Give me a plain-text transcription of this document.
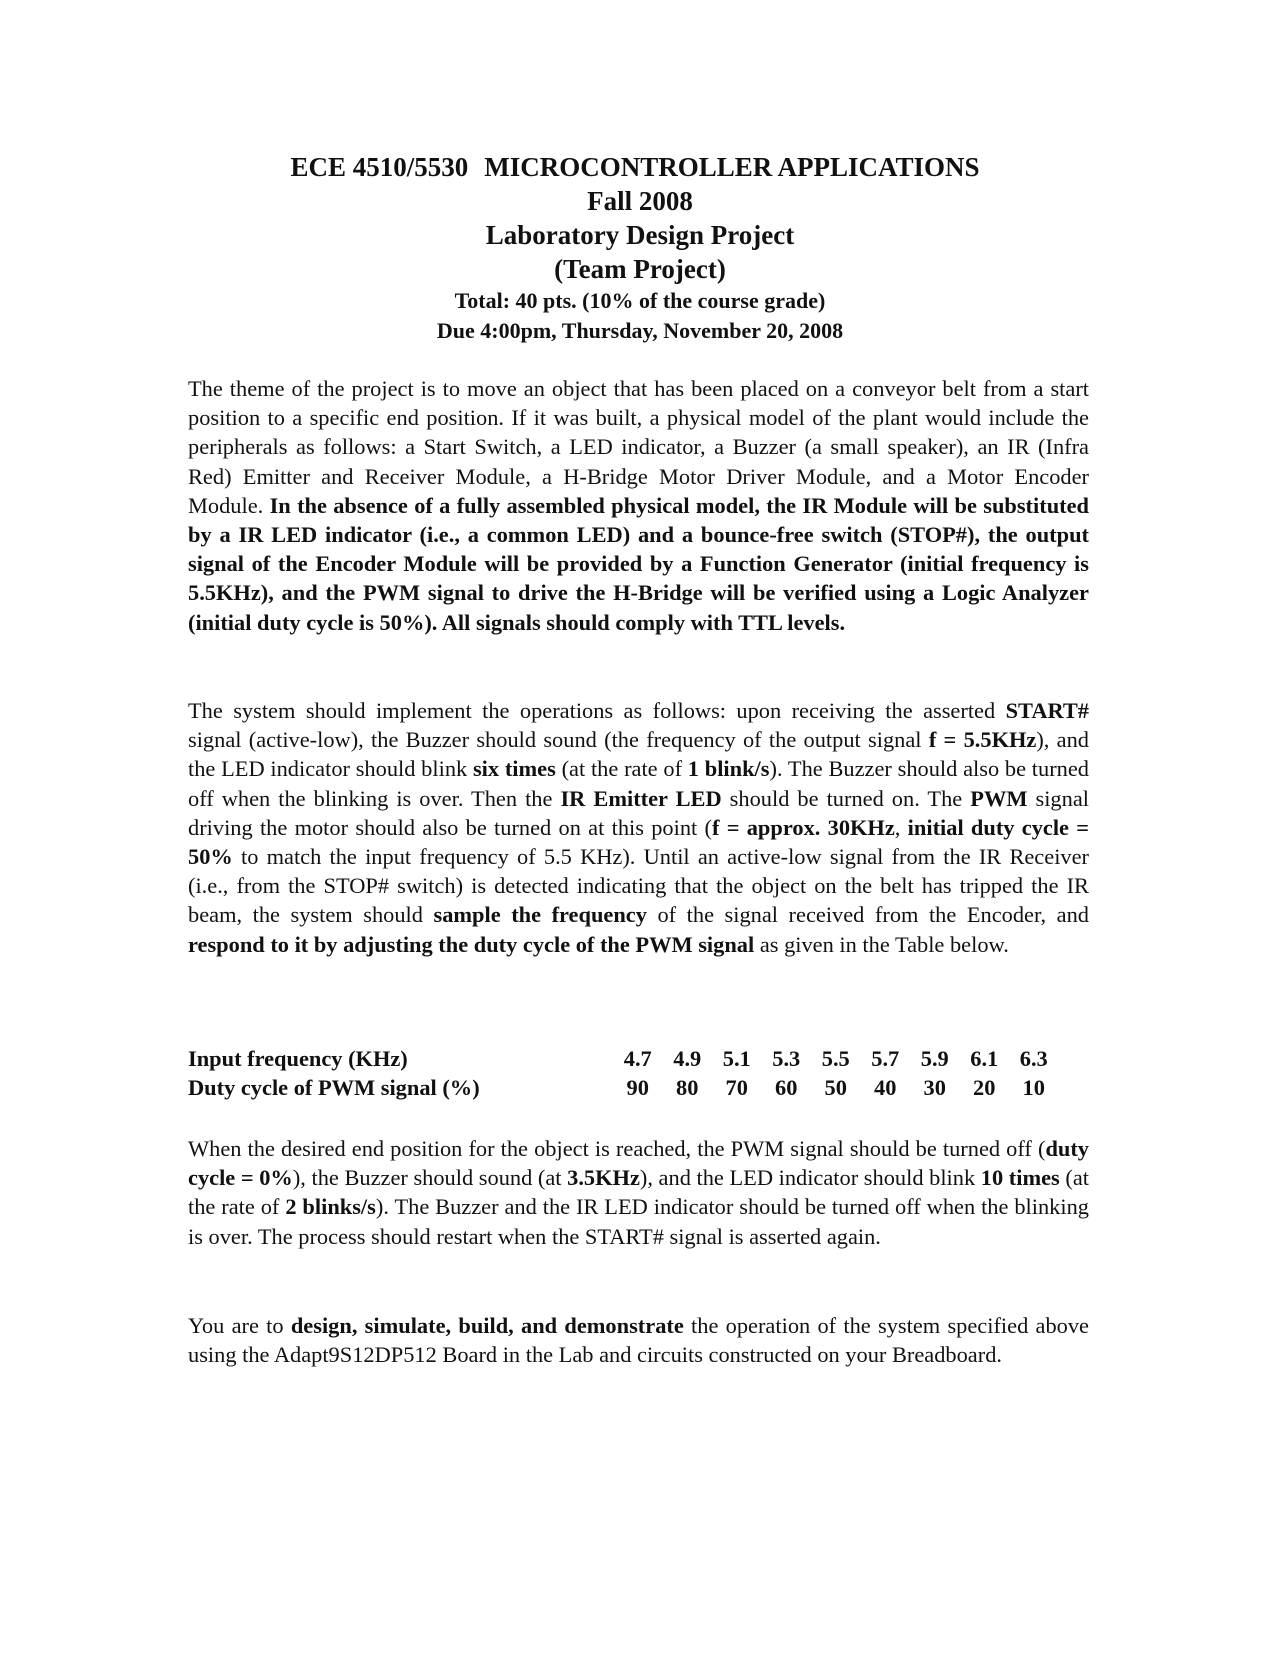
ECE 4510/5530 MICROCONTROLLER APPLICATIONS
Fall 2008
Laboratory Design Project
(Team Project)
Total: 40 pts. (10% of the course grade)
Due 4:00pm, Thursday, November 20, 2008
The theme of the project is to move an object that has been placed on a conveyor belt from a start position to a specific end position. If it was built, a physical model of the plant would include the peripherals as follows: a Start Switch, a LED indicator, a Buzzer (a small speaker), an IR (Infra Red) Emitter and Receiver Module, a H-Bridge Motor Driver Module, and a Motor Encoder Module. In the absence of a fully assembled physical model, the IR Module will be substituted by a IR LED indicator (i.e., a common LED) and a bounce-free switch (STOP#), the output signal of the Encoder Module will be provided by a Function Generator (initial frequency is 5.5KHz), and the PWM signal to drive the H-Bridge will be verified using a Logic Analyzer (initial duty cycle is 50%). All signals should comply with TTL levels.
The system should implement the operations as follows: upon receiving the asserted START# signal (active-low), the Buzzer should sound (the frequency of the output signal f = 5.5KHz), and the LED indicator should blink six times (at the rate of 1 blink/s). The Buzzer should also be turned off when the blinking is over. Then the IR Emitter LED should be turned on. The PWM signal driving the motor should also be turned on at this point (f = approx. 30KHz, initial duty cycle = 50% to match the input frequency of 5.5 KHz). Until an active-low signal from the IR Receiver (i.e., from the STOP# switch) is detected indicating that the object on the belt has tripped the IR beam, the system should sample the frequency of the signal received from the Encoder, and respond to it by adjusting the duty cycle of the PWM signal as given in the Table below.
Input frequency (KHz)	4.7 4.9 5.1 5.3 5.5 5.7 5.9 6.1 6.3
Duty cycle of PWM signal (%)	90 80 70 60 50 40 30 20 10
When the desired end position for the object is reached, the PWM signal should be turned off (duty cycle = 0%), the Buzzer should sound (at 3.5KHz), and the LED indicator should blink 10 times (at the rate of 2 blinks/s). The Buzzer and the IR LED indicator should be turned off when the blinking is over. The process should restart when the START# signal is asserted again.
You are to design, simulate, build, and demonstrate the operation of the system specified above using the Adapt9S12DP512 Board in the Lab and circuits constructed on your Breadboard.
